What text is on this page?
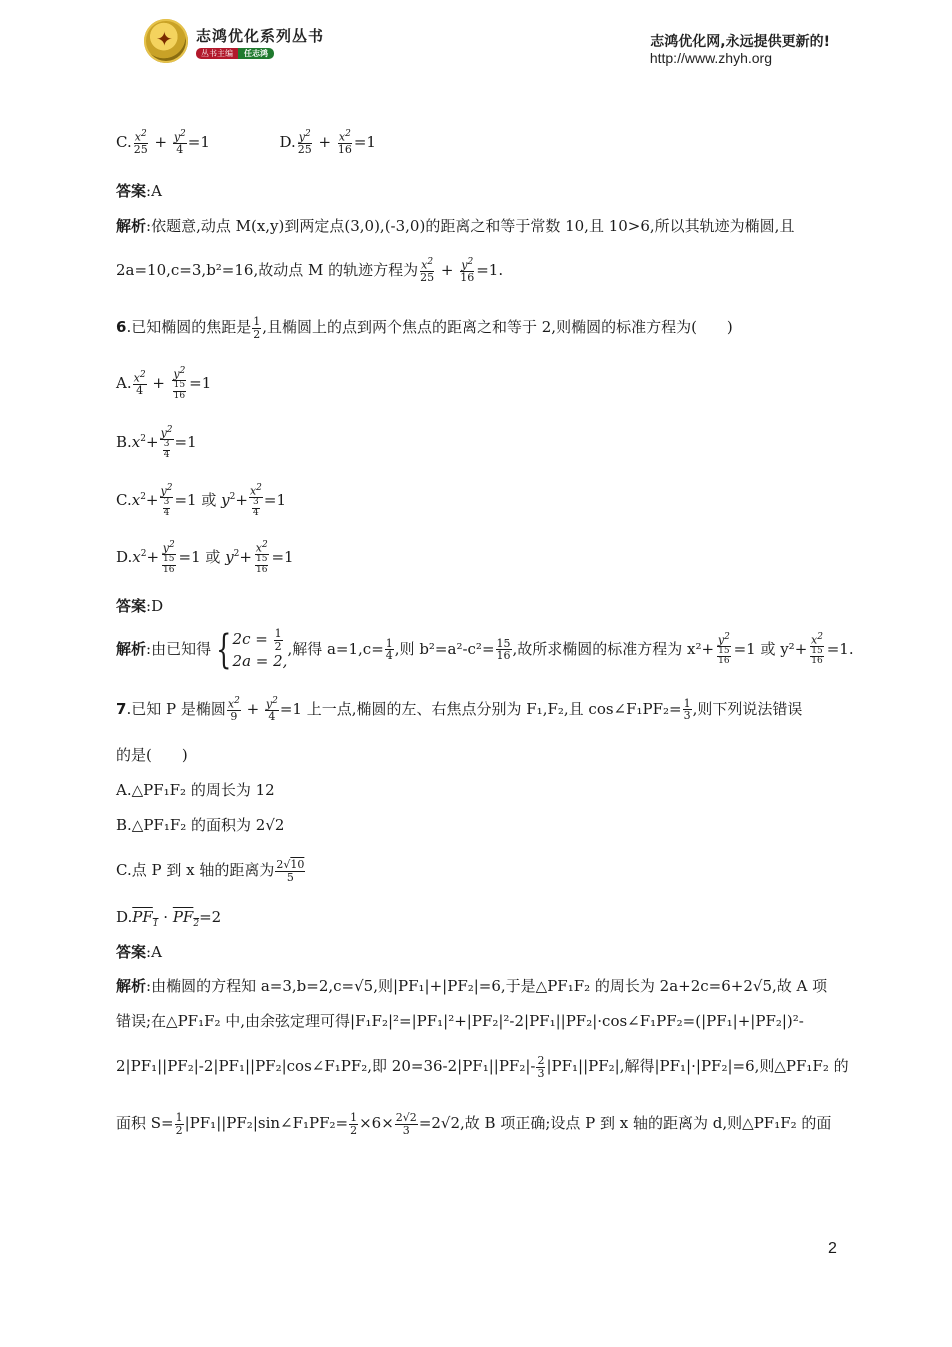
✦
志鸿优化系列丛书
丛书主编 任志鸿
志鸿优化网,永远提供更新的!
http://www.zhyh.org
C. $\frac{x^2}{25} + \frac{y^2}{4} =1$	D. $\frac{y^2}{25} + \frac{x^2}{16} =1$
答案:A
解析:依题意,动点 M(x,y)到两定点(3,0),(-3,0)的距离之和等于常数 10,且 10>6,所以其轨迹为椭圆,且
2a=10,c=3,b²=16,故动点 M 的轨迹方程为 $\frac{x^2}{25} + \frac{y^2}{16} =1$.
6.已知椭圆的焦距是 $\frac{1}{2}$ ,且椭圆上的点到两个焦点的距离之和等于 2,则椭圆的标准方程为(　　)
A. $\frac{x^2}{4} + \frac{y^2}{\frac{15}{16}} =1$
$B.x^2+ \frac{y^2}{\frac{3}{4}} =1$
$C.x^2+ \frac{y^2}{\frac{3}{4}} =1$ 或 $y^2+ \frac{x^2}{\frac{3}{4}} =1$
$D.x^2+ \frac{y^2}{\frac{15}{16}} =1$ 或 $y^2+ \frac{x^2}{\frac{15}{16}} =1$
答案:D
解析:由已知得 { $2c = \frac{1}{2}$
2a = 2,
,解得 $a=1,c= \frac{1}{4}$ ,则 $b^2=a^2-c^2= \frac{15}{16}$ ,故所求椭圆的标准方程为 $x^2+ \frac{y^2}{\frac{15}{16}} =1$ 或 $y^2+ \frac{x^2}{\frac{15}{16}} =1$.
7.已知 P 是椭圆 $\frac{x^2}{9} + \frac{y^2}{4} =1$ 上一点,椭圆的左、右焦点分别为 F₁,F₂,且 cos∠F₁PF₂= $\frac{1}{3}$ ,则下列说法错误
的是(　　)
A.△PF₁F₂ 的周长为 12
B.△PF₁F₂ 的面积为 2√2
C.点 P 到 x 轴的距离为 $\frac{2√10}{5}$
$D.PF_1 \cdot PF_2=2$
答案:A
解析:由椭圆的方程知 a=3,b=2,c=√5,则|PF₁|+|PF₂|=6,于是△PF₁F₂ 的周长为 2a+2c=6+2√5,故 A 项
错误;在△PF₁F₂ 中,由余弦定理可得|F₁F₂|²=|PF₁|²+|PF₂|²-2|PF₁||PF₂|·cos∠F₁PF₂=(|PF₁|+|PF₂|)²-
2|PF₁||PF₂|-2|PF₁||PF₂|cos∠F₁PF₂,即 $20=36-2|PF_1||PF_2|- \frac{2}{3} |PF_1||PF_2|$,解得|PF₁|·|PF₂|=6,则△PF₁F₂ 的
面积 $S= \frac{1}{2}$ |PF₁||PF₂|sin∠F₁PF₂= $\frac{1}{2} \times 6\times \frac{2√2}{3} =2√2$,故 B 项正确;设点 P 到 x 轴的距离为 d,则△PF₁F₂ 的面
2
